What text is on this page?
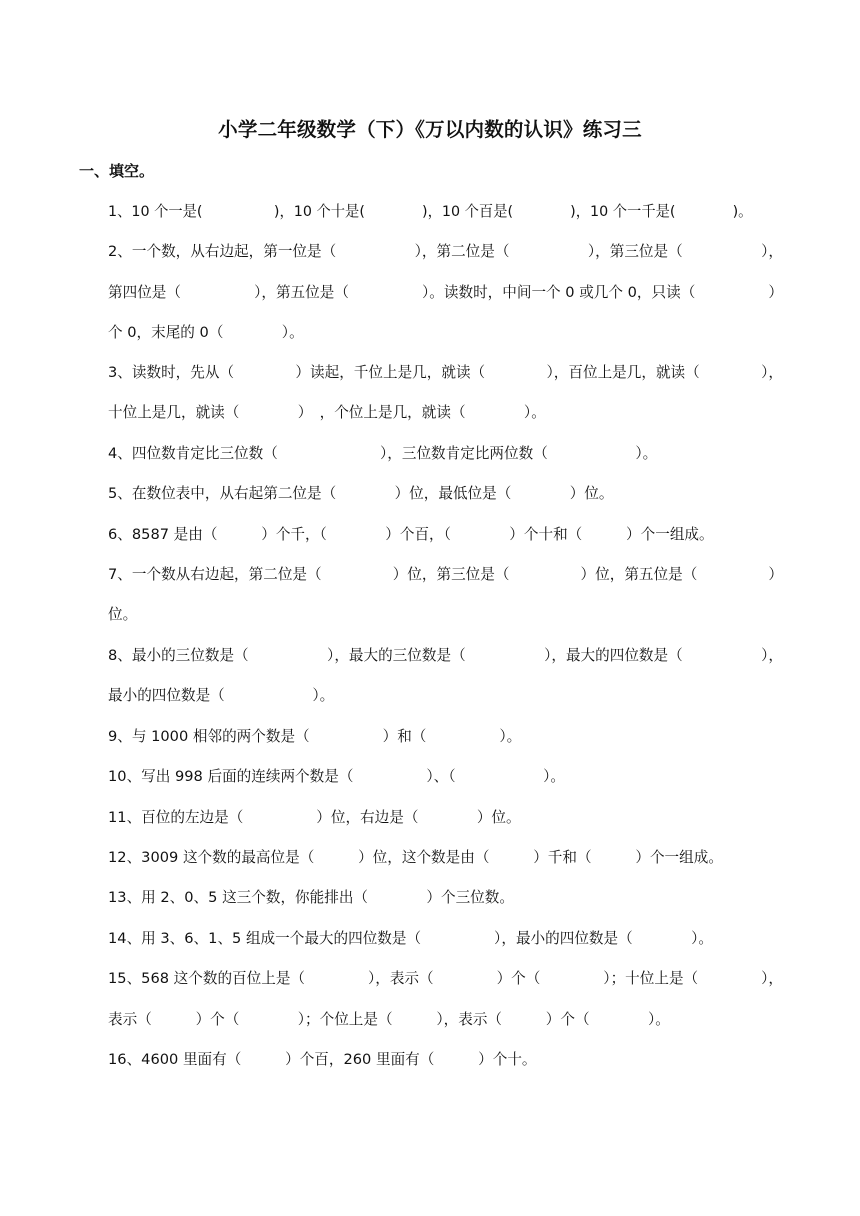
小学二年级数学（下）《万以内数的认识》练习三
一、填空。
1、10 个一是(　　　　　)，10 个十是(　　　　)，10 个百是(　　　　)，10 个一千是(　　　　)。
2、一个数，从右边起，第一位是（	），第二位是（	），第三位是（	），
第四位是（	），第五位是（	）。读数时，中间一个 0 或几个 0，只读（	）
个 0，末尾的 0（　　　　）。
3、读数时，先从（	）读起，千位上是几，就读（	），百位上是几，就读（	），
十位上是几，就读（　　　　）　，个位上是几，就读（　　　　）。
4、四位数肯定比三位数（　　　　　　　），三位数肯定比两位数（　　　　　　）。
5、在数位表中，从右起第二位是（　　　　）位，最低位是（　　　　）位。
6、8587 是由（　　　）个千，（　　　　）个百，（　　　　）个十和（　　　）个一组成。
7、一个数从右边起，第二位是（	）位，第三位是（	）位，第五位是（	）
位。
8、最小的三位数是（	），最大的三位数是（	），最大的四位数是（	），
最小的四位数是（　　　　　　）。
9、与 1000 相邻的两个数是（　　　　　）和（　　　　　）。
10、写出 998 后面的连续两个数是（　　　　　）、（　　　　　　）。
11、百位的左边是（　　　　　）位，右边是（　　　　）位。
12、3009 这个数的最高位是（　　　）位，这个数是由（　　　）千和（　　　）个一组成。
13、用 2、0、5 这三个数，你能排出（　　　　）个三位数。
14、用 3、6、1、5 组成一个最大的四位数是（　　　　　），最小的四位数是（　　　　）。
15、568 这个数的百位上是（	），表示（	）个（	）；十位上是（	），
表示（　　　）个（　　　　）；个位上是（　　　），表示（　　　）个（　　　　）。
16、4600 里面有（　　　）个百，260 里面有（　　　）个十。
